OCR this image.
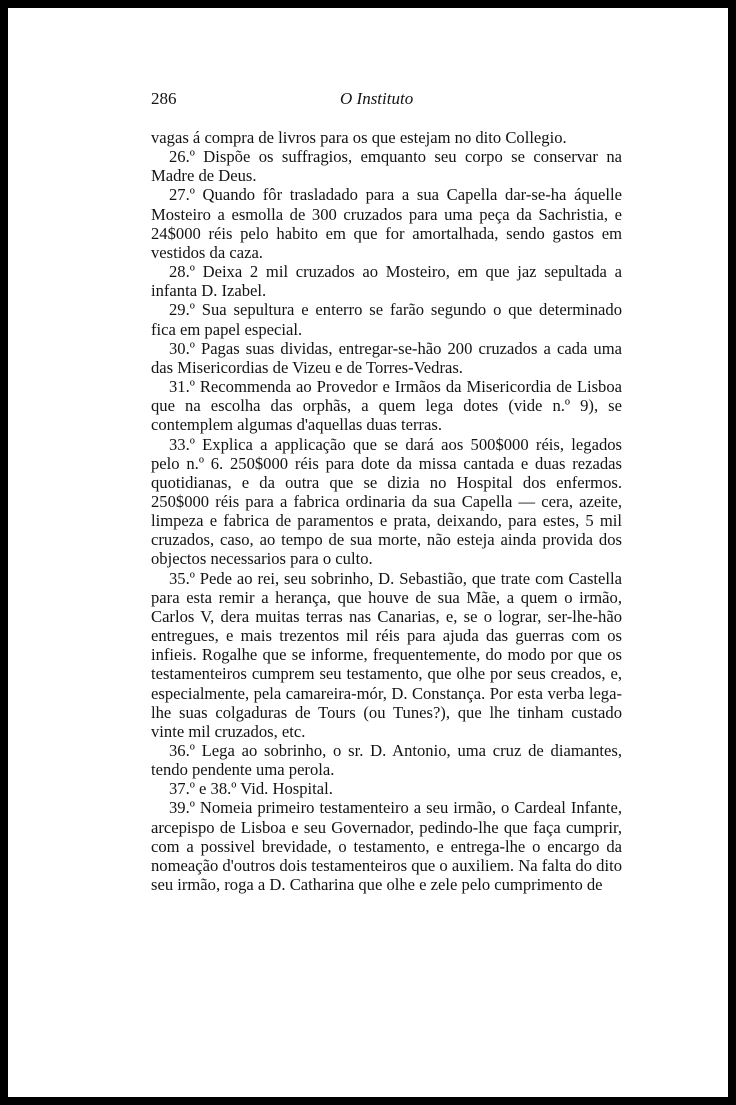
286	O Instituto

vagas á compra de livros para os que estejam no dito Collegio.

26.º Dispõe os suffragios, emquanto seu corpo se conservar na Madre de Deus.

27.º Quando fôr trasladado para a sua Capella dar-se-ha áquelle Mosteiro a esmolla de 300 cruzados para uma peça da Sachristia, e 24$000 réis pelo habito em que for amortalhada, sendo gastos em vestidos da caza.

28.º Deixa 2 mil cruzados ao Mosteiro, em que jaz sepultada a infanta D. Izabel.

29.º Sua sepultura e enterro se farão segundo o que determinado fica em papel especial.

30.º Pagas suas dividas, entregar-se-hão 200 cruzados a cada uma das Misericordias de Vizeu e de Torres-Vedras.

31.º Recommenda ao Provedor e Irmãos da Misericordia de Lisboa que na escolha das orphãs, a quem lega dotes (vide n.º 9), se contemplem algumas d'aquellas duas terras.

33.º Explica a applicação que se dará aos 500$000 réis, legados pelo n.º 6. 250$000 réis para dote da missa cantada e duas rezadas quotidianas, e da outra que se dizia no Hospital dos enfermos. 250$000 réis para a fabrica ordinaria da sua Capella — cera, azeite, limpeza e fabrica de paramentos e prata, deixando, para estes, 5 mil cruzados, caso, ao tempo de sua morte, não esteja ainda provida dos objectos necessarios para o culto.

35.º Pede ao rei, seu sobrinho, D. Sebastião, que trate com Castella para esta remir a herança, que houve de sua Mãe, a quem o irmão, Carlos V, dera muitas terras nas Canarias, e, se o lograr, ser-lhe-hão entregues, e mais trezentos mil réis para ajuda das guerras com os infieis. Rogalhe que se informe, frequentemente, do modo por que os testamenteiros cumprem seu testamento, que olhe por seus creados, e, especialmente, pela camareira-mór, D. Constança. Por esta verba lega-lhe suas colgaduras de Tours (ou Tunes?), que lhe tinham custado vinte mil cruzados, etc.

36.º Lega ao sobrinho, o sr. D. Antonio, uma cruz de diamantes, tendo pendente uma perola.

37.º e 38.º Vid. Hospital.

39.º Nomeia primeiro testamenteiro a seu irmão, o Cardeal Infante, arcepispo de Lisboa e seu Governador, pedindo-lhe que faça cumprir, com a possivel brevidade, o testamento, e entrega-lhe o encargo da nomeação d'outros dois testamenteiros que o auxiliem. Na falta do dito seu irmão, roga a D. Catharina que olhe e zele pelo cumprimento de
